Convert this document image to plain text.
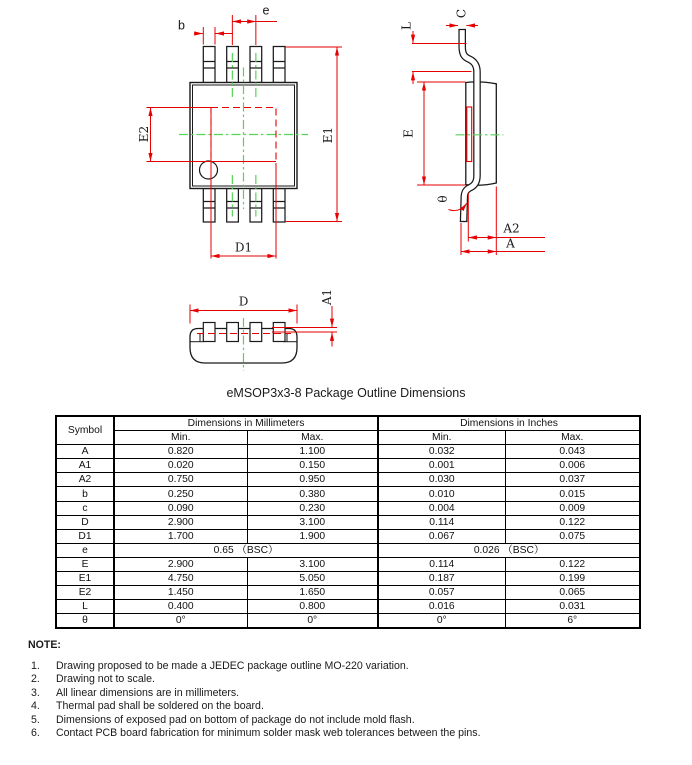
E2
D1
E1
b
e	C
L
E
θ
A2
A
A1
D
eMSOP3x3-8 Package Outline Dimensions
Symbol	Dimensions in Millimeters		Dimensions in Inches	
	Min.	Max.	Min.	Max.
A	0.820	1.100	0.032	0.043
A1	0.020	0.150	0.001	0.006
A2	0.750	0.950	0.030	0.037
b	0.250	0.380	0.010	0.015
c	0.090	0.230	0.004	0.009
D	2.900	3.100	0.114	0.122
D1	1.700	1.900	0.067	0.075
e	0.65 （BSC）		0.026 （BSC）	
E	2.900	3.100	0.114	0.122
E1	4.750	5.050	0.187	0.199
E2	1.450	1.650	0.057	0.065
L	0.400	0.800	0.016	0.031
θ	0°	0°	0°	6°
NOTE:
1.	Drawing proposed to be made a JEDEC package outline MO-220 variation.
2.	Drawing not to scale.
3.	All linear dimensions are in millimeters.
4.	Thermal pad shall be soldered on the board.
5.	Dimensions of exposed pad on bottom of package do not include mold flash.
6.	Contact PCB board fabrication for minimum solder mask web tolerances between the pins.
